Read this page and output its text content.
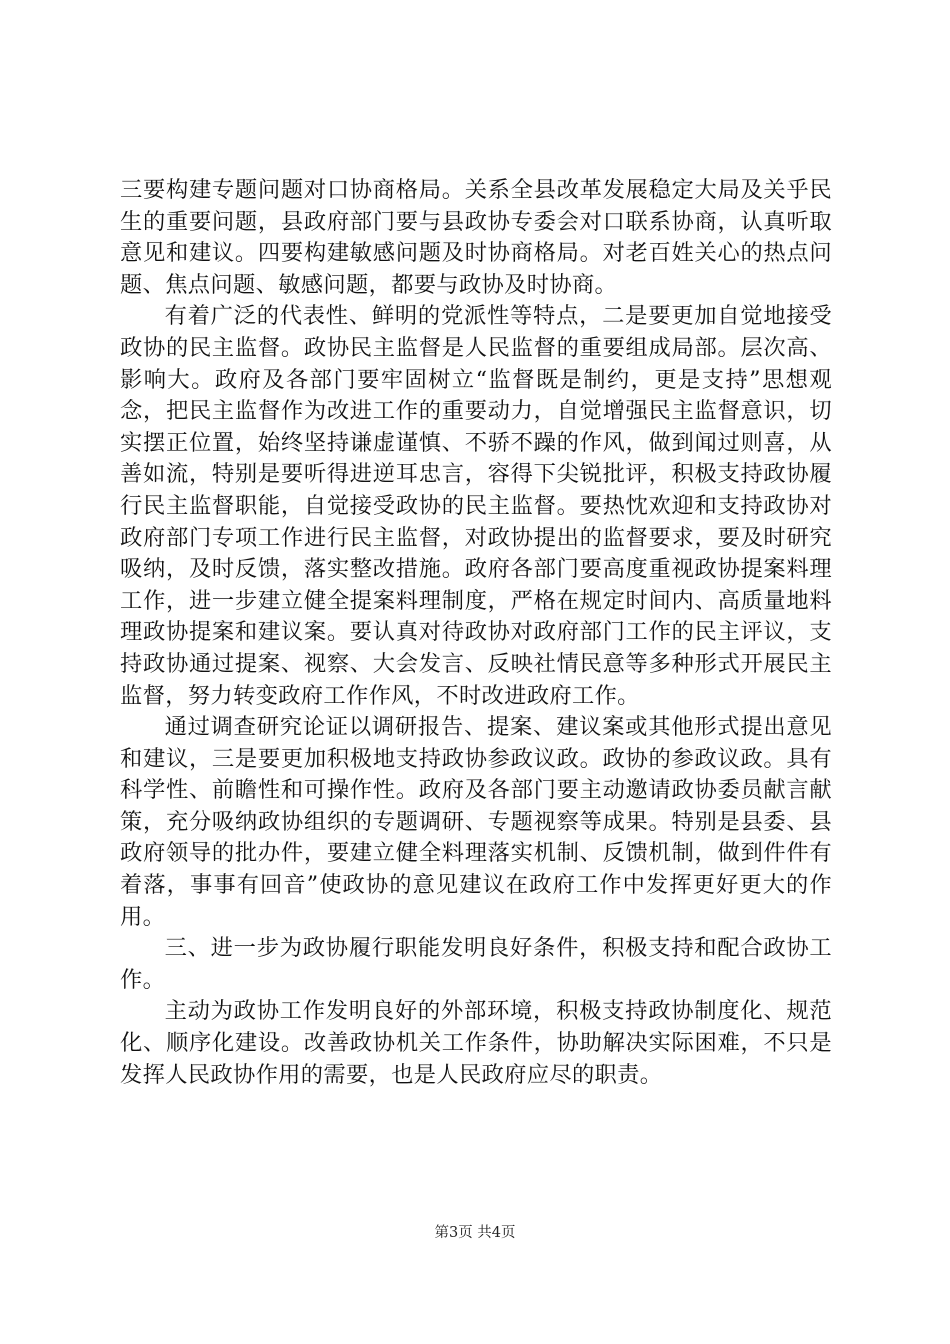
三要构建专题问题对口协商格局。关系全县改革发展稳定大局及关乎民生的重要问题，县政府部门要与县政协专委会对口联系协商，认真听取意见和建议。四要构建敏感问题及时协商格局。对老百姓关心的热点问题、焦点问题、敏感问题，都要与政协及时协商。

有着广泛的代表性、鲜明的党派性等特点，二是要更加自觉地接受政协的民主监督。政协民主监督是人民监督的重要组成局部。层次高、影响大。政府及各部门要牢固树立“监督既是制约，更是支持”思想观念，把民主监督作为改进工作的重要动力，自觉增强民主监督意识，切实摆正位置，始终坚持谦虚谨慎、不骄不躁的作风，做到闻过则喜，从善如流，特别是要听得进逆耳忠言，容得下尖锐批评，积极支持政协履行民主监督职能，自觉接受政协的民主监督。要热忱欢迎和支持政协对政府部门专项工作进行民主监督，对政协提出的监督要求，要及时研究吸纳，及时反馈，落实整改措施。政府各部门要高度重视政协提案料理工作，进一步建立健全提案料理制度，严格在规定时间内、高质量地料理政协提案和建议案。要认真对待政协对政府部门工作的民主评议，支持政协通过提案、视察、大会发言、反映社情民意等多种形式开展民主监督，努力转变政府工作作风，不时改进政府工作。

通过调查研究论证以调研报告、提案、建议案或其他形式提出意见和建议，三是要更加积极地支持政协参政议政。政协的参政议政。具有科学性、前瞻性和可操作性。政府及各部门要主动邀请政协委员献言献策，充分吸纳政协组织的专题调研、专题视察等成果。特别是县委、县政府领导的批办件，要建立健全料理落实机制、反馈机制，做到件件有着落，事事有回音”使政协的意见建议在政府工作中发挥更好更大的作用。

三、进一步为政协履行职能发明良好条件，积极支持和配合政协工作。

主动为政协工作发明良好的外部环境，积极支持政协制度化、规范化、顺序化建设。改善政协机关工作条件，协助解决实际困难，不只是发挥人民政协作用的需要，也是人民政府应尽的职责。

第3页 共4页
